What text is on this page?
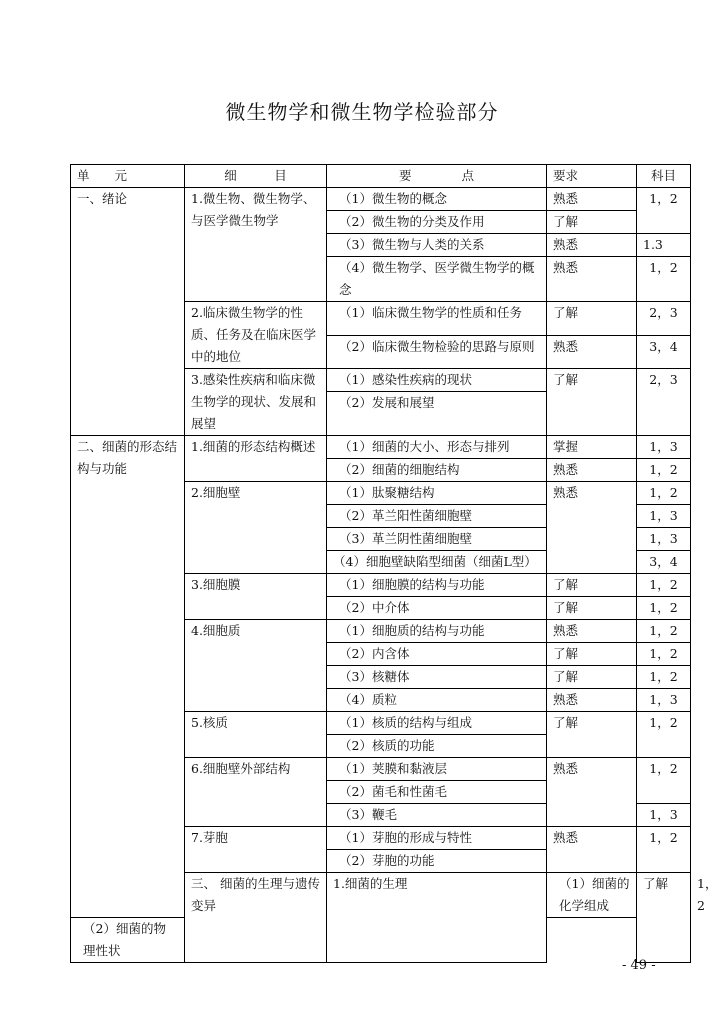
微生物学和微生物学检验部分
单　　元	细　　　目	要　　　　点	要求	科目	
一、绪论	1.微生物、微生物学、与医学微生物学	（1）微生物的概念	熟悉	1，2	
		（2）微生物的分类及作用	了解		
		（3）微生物与人类的关系	熟悉	1.3	
		（4）微生物学、医学微生物学的概念	熟悉	1，2	
	2.临床微生物学的性质、任务及在临床医学中的地位	（1）临床微生物学的性质和任务	了解	2，3	
		（2）临床微生物检验的思路与原则	熟悉	3，4	
	3.感染性疾病和临床微生物学的现状、发展和展望	（1）感染性疾病的现状	了解	2，3	
		（2）发展和展望			

二、细菌的形态结构与功能	1.细菌的形态结构概述	（1）细菌的大小、形态与排列	掌握	1，3	
		（2）细菌的细胞结构	熟悉	1，2	
	2.细胞壁	（1）肽聚糖结构	熟悉	1，2	
		（2）革兰阳性菌细胞壁		1，3	
		（3）革兰阴性菌细胞壁		1，3	
		（4）细胞壁缺陷型细菌（细菌L型）		3，4	
	3.细胞膜	（1）细胞膜的结构与功能	了解	1，2	
		（2）中介体	了解	1，2	
	4.细胞质	（1）细胞质的结构与功能	熟悉	1，2	
		（2）内含体	了解	1，2	
		（3）核糖体	了解	1，2	
		（4）质粒	熟悉	1，3	
	5.核质	（1）核质的结构与组成	了解	1，2	
		（2）核质的功能			
	6.细胞壁外部结构	（1）荚膜和黏液层	熟悉	1，2	
		（2）菌毛和性菌毛			
		（3）鞭毛		1，3	
	7.芽胞	（1）芽胞的形成与特性	熟悉	1，2	
		（2）芽胞的功能			
	三、 细菌的生理与遗传变异	1.细菌的生理	（1）细菌的化学组成	了解	1，2
（2）细菌的物理性状					
- 49 -
